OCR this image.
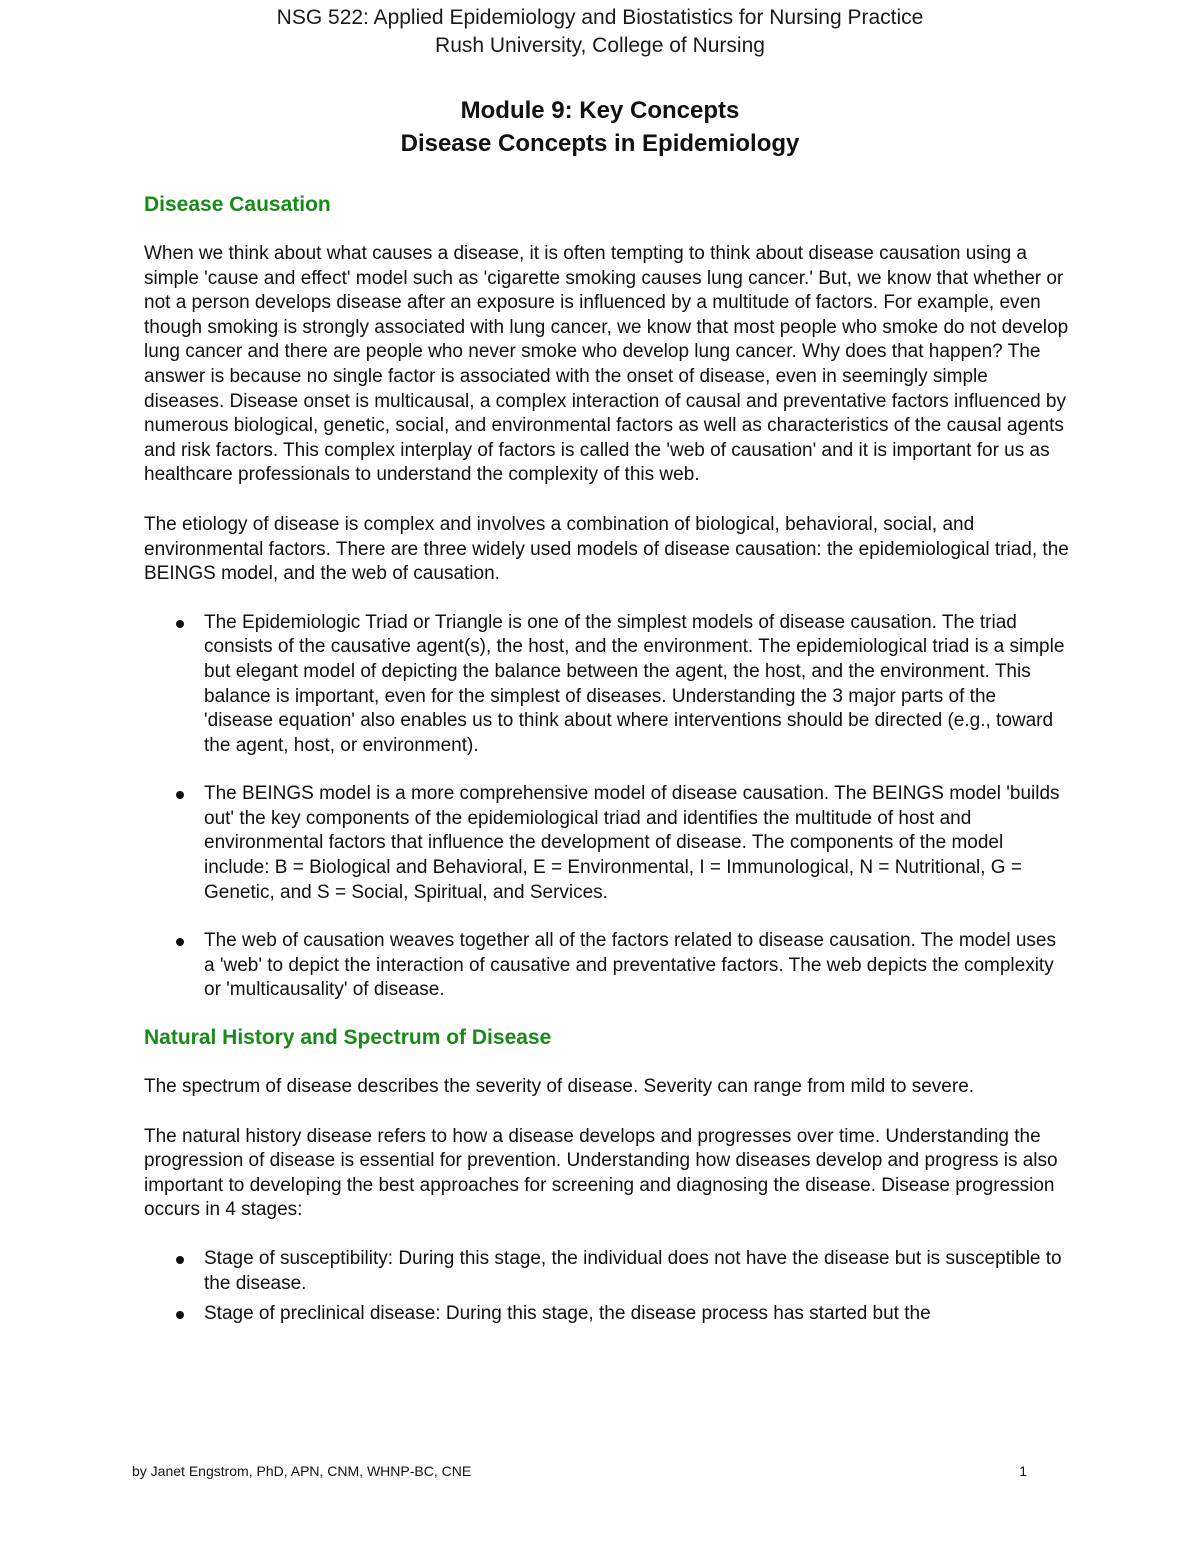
NSG 522: Applied Epidemiology and Biostatistics for Nursing Practice
Rush University, College of Nursing
Module 9: Key Concepts
Disease Concepts in Epidemiology
Disease Causation

When we think about what causes a disease, it is often tempting to think about disease causation using a simple 'cause and effect' model such as 'cigarette smoking causes lung cancer.' But, we know that whether or not a person develops disease after an exposure is influenced by a multitude of factors. For example, even though smoking is strongly associated with lung cancer, we know that most people who smoke do not develop lung cancer and there are people who never smoke who develop lung cancer. Why does that happen? The answer is because no single factor is associated with the onset of disease, even in seemingly simple diseases. Disease onset is multicausal, a complex interaction of causal and preventative factors influenced by numerous biological, genetic, social, and environmental factors as well as characteristics of the causal agents and risk factors. This complex interplay of factors is called the 'web of causation' and it is important for us as healthcare professionals to understand the complexity of this web.

The etiology of disease is complex and involves a combination of biological, behavioral, social, and environmental factors. There are three widely used models of disease causation: the epidemiological triad, the BEINGS model, and the web of causation.

The Epidemiologic Triad or Triangle is one of the simplest models of disease causation. The triad consists of the causative agent(s), the host, and the environment. The epidemiological triad is a simple but elegant model of depicting the balance between the agent, the host, and the environment. This balance is important, even for the simplest of diseases. Understanding the 3 major parts of the 'disease equation' also enables us to think about where interventions should be directed (e.g., toward the agent, host, or environment).
The BEINGS model is a more comprehensive model of disease causation. The BEINGS model 'builds out' the key components of the epidemiological triad and identifies the multitude of host and environmental factors that influence the development of disease. The components of the model include: B = Biological and Behavioral, E = Environmental, I = Immunological, N = Nutritional, G = Genetic, and S = Social, Spiritual, and Services.
The web of causation weaves together all of the factors related to disease causation. The model uses a 'web' to depict the interaction of causative and preventative factors. The web depicts the complexity or 'multicausality' of disease.
Natural History and Spectrum of Disease

The spectrum of disease describes the severity of disease. Severity can range from mild to severe.

The natural history disease refers to how a disease develops and progresses over time. Understanding the progression of disease is essential for prevention. Understanding how diseases develop and progress is also important to developing the best approaches for screening and diagnosing the disease. Disease progression occurs in 4 stages:

Stage of susceptibility: During this stage, the individual does not have the disease but is susceptible to the disease.
Stage of preclinical disease: During this stage, the disease process has started but the
by Janet Engstrom, PhD, APN, CNM, WHNP-BC, CNE	1
